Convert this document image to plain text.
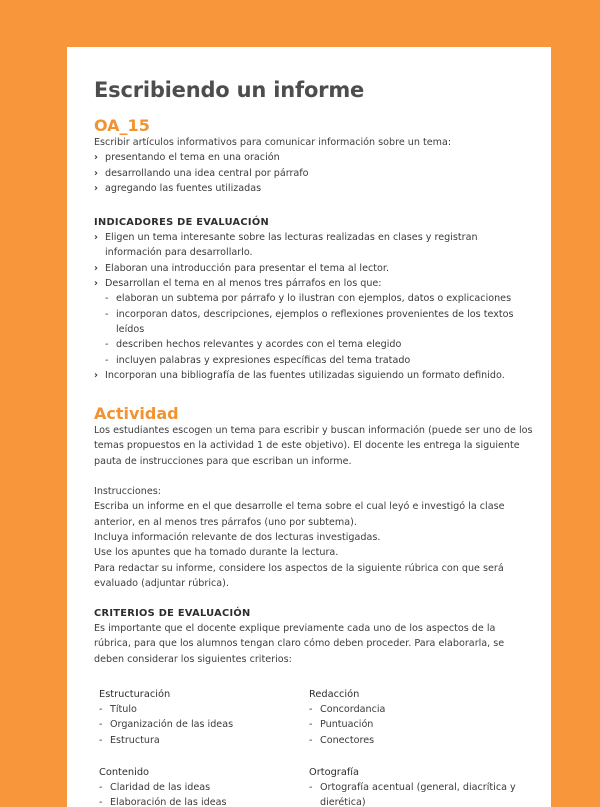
Escribiendo un informe
OA_15
Escribir artículos informativos para comunicar información sobre un tema:
› presentando el tema en una oración
› desarrollando una idea central por párrafo
› agregando las fuentes utilizadas
INDICADORES DE EVALUACIÓN
› Eligen un tema interesante sobre las lecturas realizadas en clases y registran información para desarrollarlo.
› Elaboran una introducción para presentar el tema al lector.
› Desarrollan el tema en al menos tres párrafos en los que:
- elaboran un subtema por párrafo y lo ilustran con ejemplos, datos o explicaciones
- incorporan datos, descripciones, ejemplos o reflexiones provenientes de los textos leídos
- describen hechos relevantes y acordes con el tema elegido
- incluyen palabras y expresiones específicas del tema tratado
› Incorporan una bibliografía de las fuentes utilizadas siguiendo un formato definido.
Actividad
Los estudiantes escogen un tema para escribir y buscan información (puede ser uno de los temas propuestos en la actividad 1 de este objetivo). El docente les entrega la siguiente pauta de instrucciones para que escriban un informe.
Instrucciones:
Escriba un informe en el que desarrolle el tema sobre el cual leyó e investigó la clase anterior, en al menos tres párrafos (uno por subtema).
Incluya información relevante de dos lecturas investigadas.
Use los apuntes que ha tomado durante la lectura.
Para redactar su informe, considere los aspectos de la siguiente rúbrica con que será evaluado (adjuntar rúbrica).
CRITERIOS DE EVALUACIÓN
Es importante que el docente explique previamente cada uno de los aspectos de la rúbrica, para que los alumnos tengan claro cómo deben proceder. Para elaborarla, se deben considerar los siguientes criterios:
Estructuración
- Título
- Organización de las ideas
- Estructura
Redacción
- Concordancia
- Puntuación
- Conectores
Contenido
- Claridad de las ideas
- Elaboración de las ideas
Ortografía
- Ortografía acentual (general, diacrítica y dierética)
